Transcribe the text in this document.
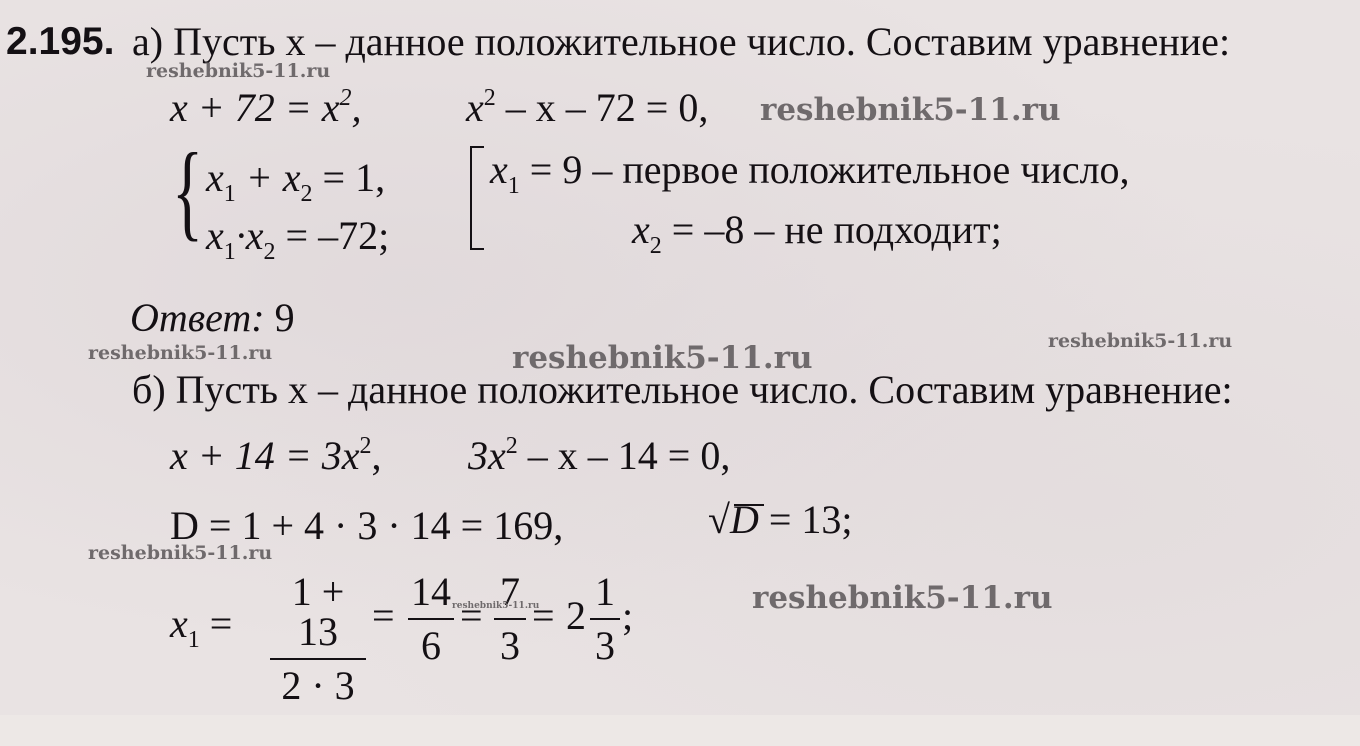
2.195. а) Пусть x – данное положительное число. Составим уравнение:
$x + 72 = x^2$,	$x^2 - x - 72 = 0$,
{ $x_1 + x_2 = 1$,
$x_1\cdot x_2 = -72$;
$x_1 = 9$ – первое положительное число,
$x_2 = -8$ – не подходит;
Ответ: 9
б) Пусть x – данное положительное число. Составим уравнение:
$x + 14 = 3x^2$, $3x^2 - x - 14 = 0$,
D = 1 + 4 · 3 · 14 = 169,	√D = 13;
$x_1$ =
1 + 13
2 · 3
=
14
6
=
7
3
= 2
1
3
;
reshebnik5-11.ru
reshebnik5-11.ru
reshebnik5-11.ru	reshebnik5-11.ru	reshebnik5-11.ru
reshebnik5-11.ru
reshebnik5-11.ru	reshebnik5-11.ru
